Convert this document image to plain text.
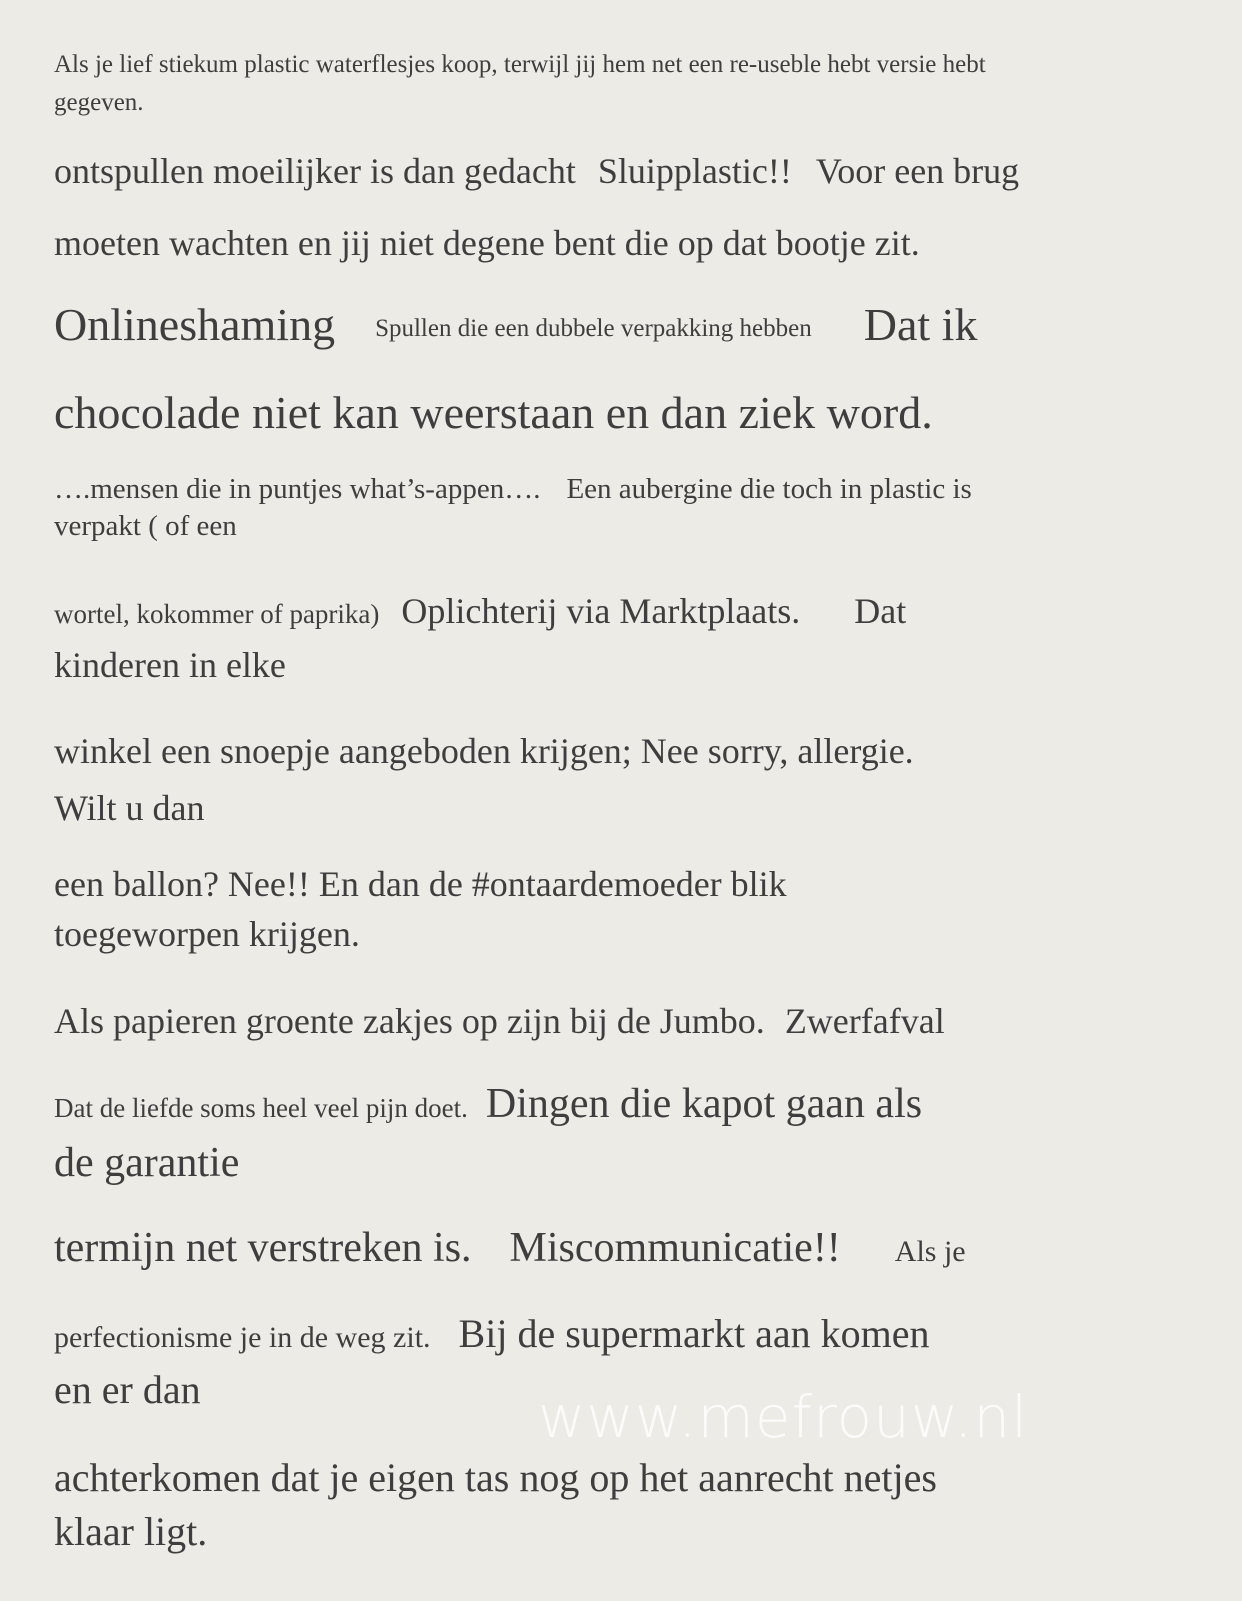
Als je lief stiekum plastic waterflesjes koop, terwijl jij hem net een re-useble hebt versie hebt
gegeven.
ontspullen moeilijker is dan gedacht Sluipplastic!! Voor een brug
moeten wachten en jij niet degene bent die op dat bootje zit.
Onlineshaming Spullen die een dubbele verpakking hebben Dat ik
chocolade niet kan weerstaan en dan ziek word.
….mensen die in puntjes what’s-appen…. Een aubergine die toch in plastic is
verpakt ( of een
wortel, kokommer of paprika) Oplichterij via Marktplaats. Dat
kinderen in elke
winkel een snoepje aangeboden krijgen; Nee sorry, allergie.
Wilt u dan
een ballon? Nee!! En dan de #ontaardemoeder blik
toegeworpen krijgen.
Als papieren groente zakjes op zijn bij de Jumbo. Zwerfafval
Dat de liefde soms heel veel pijn doet. Dingen die kapot gaan als
de garantie
termijn net verstreken is. Miscommunicatie!! Als je
perfectionisme je in de weg zit. Bij de supermarkt aan komen
en er dan
achterkomen dat je eigen tas nog op het aanrecht netjes
klaar ligt.
www.mefrouw.nl
